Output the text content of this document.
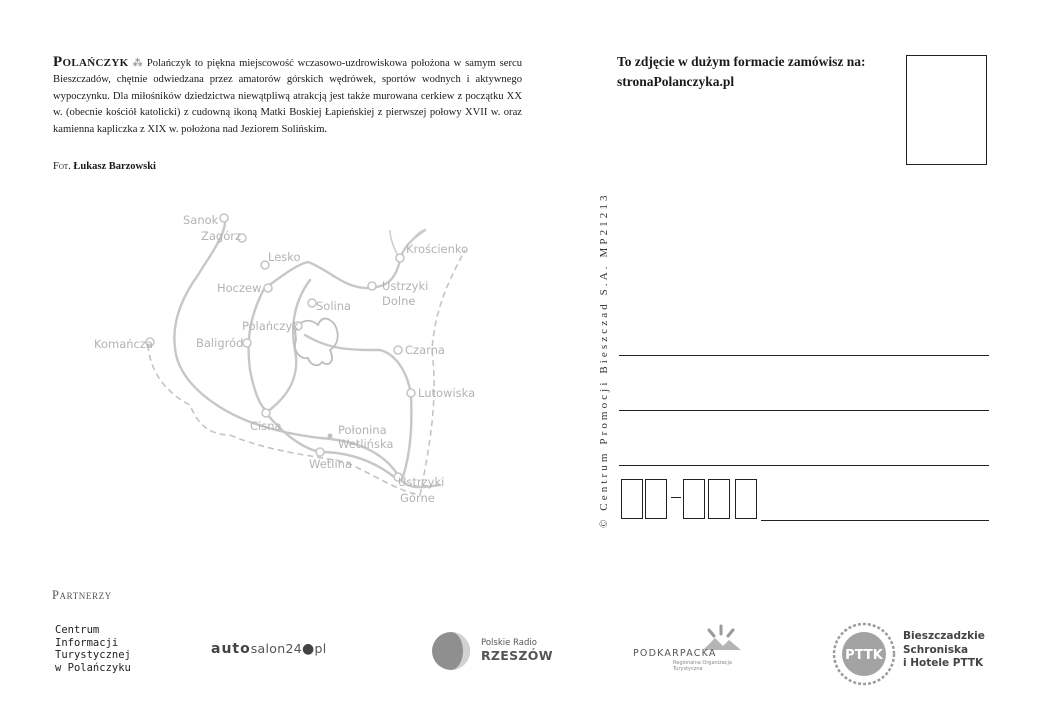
Polańczyk ⁂ Polańczyk to piękna miejscowość wczasowo-uzdrowiskowa położona w samym sercu Bieszczadów, chętnie odwiedzana przez amatorów górskich wędrówek, sportów wodnych i aktywnego wypoczynku. Dla miłośników dziedzictwa niewątpliwą atrakcją jest także murowana cerkiew z początku XX w. (obecnie kościół katolicki) z cudowną ikoną Matki Boskiej Łapieńskiej z pierwszej połowy XVII w. oraz kamienna kapliczka z XIX w. położona nad Jeziorem Solińskim.
Fot. Łukasz Barzowski
Sanok
Zagórz
Lesko
Krościenko
Hoczew
Solina
Ustrzyki
Dolne
Polańczyk
Komańcza	Baligród	Czarna
Lutowiska
Cisna	Połonina
Wetlińska
Wetlina
Ustrzyki
Górne	© Centrum Promocji Bieszczad S.A. MP21213
To zdjęcie w dużym formacie zamówisz na: stronaPolanczyka.pl
Partnerzy
Centrum
Informacji
Turystycznej
w Polańczyku
autosalon24●pl	Polskie Radio
RZESZÓW	PODKARPACKA
Regionalna Organizacja Turystyczna
PTTK
Bieszczadzkie
Schroniska
i Hotele PTTK
